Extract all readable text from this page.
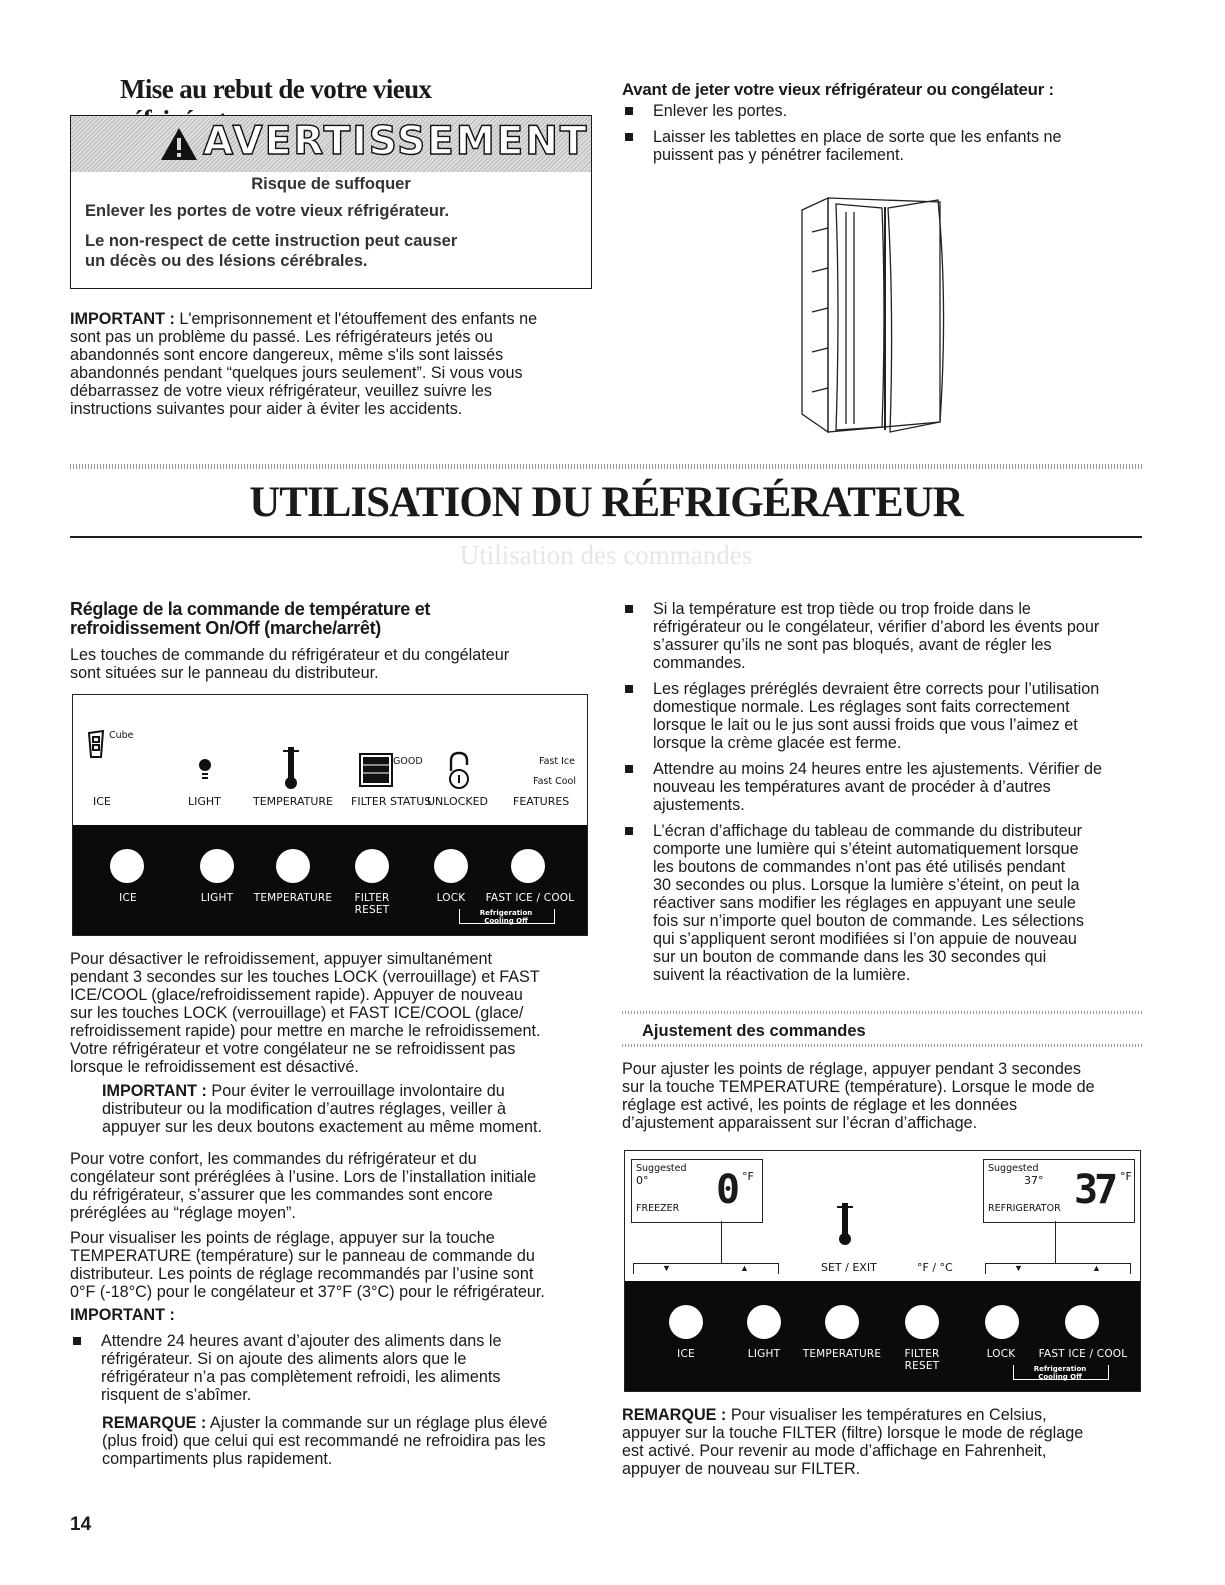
Mise au rebut de votre vieux
AVERTISSEMENT
Risque de suffoquer
Enlever les portes de votre vieux réfrigérateur.
Le non-respect de cette instruction peut causer
un décès ou des lésions cérébrales.

IMPORTANT : L'emprisonnement et l'étouffement des enfants ne

sont pas un problème du passé. Les réfrigérateurs jetés ou

abandonnés sont encore dangereux, même s'ils sont laissés

abandonnés pendant “quelques jours seulement”. Si vous vous

débarrassez de votre vieux réfrigérateur, veuillez suivre les

instructions suivantes pour aider à éviter les accidents.

Avant de jeter votre vieux réfrigérateur ou congélateur :

Enlever les portes.

Laisser les tablettes en place de sorte que les enfants ne
puissent pas y pénétrer facilement.

UTILISATION DU RÉFRIGÉRATEUR
Utilisation des commandes
Réglage de la commande de température et
refroidissement On/Off (marche/arrêt)

Les touches de commande du réfrigérateur et du congélateur

sont situées sur le panneau du distributeur.

Cube
ICE	LIGHT	TEMPERATURE
GOOD
FILTER STATUS
UNLOCKED
Fast Ice
Fast Cool
FEATURES
ICE	LIGHT	TEMPERATURE	FILTER
RESET
LOCK	FAST ICE / COOL
Refrigeration
Cooling Off

Pour désactiver le refroidissement, appuyer simultanément

pendant 3 secondes sur les touches LOCK (verrouillage) et FAST

ICE/COOL (glace/refroidissement rapide). Appuyer de nouveau

sur les touches LOCK (verrouillage) et FAST ICE/COOL (glace/

refroidissement rapide) pour mettre en marche le refroidissement.

Votre réfrigérateur et votre congélateur ne se refroidissent pas

lorsque le refroidissement est désactivé.

IMPORTANT : Pour éviter le verrouillage involontaire du

distributeur ou la modification d’autres réglages, veiller à

appuyer sur les deux boutons exactement au même moment.

Pour votre confort, les commandes du réfrigérateur et du

congélateur sont préréglées à l’usine. Lors de l’installation initiale

du réfrigérateur, s’assurer que les commandes sont encore

préréglées au “réglage moyen”.

Pour visualiser les points de réglage, appuyer sur la touche

TEMPERATURE (température) sur le panneau de commande du

distributeur. Les points de réglage recommandés par l’usine sont

0°F (-18°C) pour le congélateur et 37°F (3°C) pour le réfrigérateur.

IMPORTANT :

Attendre 24 heures avant d’ajouter des aliments dans le
réfrigérateur. Si on ajoute des aliments alors que le
réfrigérateur n’a pas complètement refroidi, les aliments
risquent de s’abîmer.

REMARQUE : Ajuster la commande sur un réglage plus élevé

(plus froid) que celui qui est recommandé ne refroidira pas les

compartiments plus rapidement.

14

Si la température est trop tiède ou trop froide dans le
réfrigérateur ou le congélateur, vérifier d’abord les évents pour
s’assurer qu’ils ne sont pas bloqués, avant de régler les
commandes.

Les réglages préréglés devraient être corrects pour l’utilisation
domestique normale. Les réglages sont faits correctement
lorsque le lait ou le jus sont aussi froids que vous l’aimez et
lorsque la crème glacée est ferme.

Attendre au moins 24 heures entre les ajustements. Vérifier de
nouveau les températures avant de procéder à d’autres
ajustements.

L’écran d’affichage du tableau de commande du distributeur
comporte une lumière qui s’éteint automatiquement lorsque
les boutons de commandes n’ont pas été utilisés pendant
30 secondes ou plus. Lorsque la lumière s’éteint, on peut la
réactiver sans modifier les réglages en appuyant une seule
fois sur n’importe quel bouton de commande. Les sélections
qui s’appliquent seront modifiées si l’on appuie de nouveau
sur un bouton de commande dans les 30 secondes qui
suivent la réactivation de la lumière.

Ajustement des commandes

Pour ajuster les points de réglage, appuyer pendant 3 secondes

sur la touche TEMPERATURE (température). Lorsque le mode de

réglage est activé, les points de réglage et les données

d’ajustement apparaissent sur l’écran d’affichage.

Suggested
0°
FREEZER 0 °F
Suggested
37°
REFRIGERATOR 37 °F
▼	▲	▼	▲
SET / EXIT	°F / °C
ICE	LIGHT	TEMPERATURE	FILTER
RESET
LOCK	FAST ICE / COOL
Refrigeration
Cooling Off

REMARQUE : Pour visualiser les températures en Celsius,

appuyer sur la touche FILTER (filtre) lorsque le mode de réglage

est activé. Pour revenir au mode d’affichage en Fahrenheit,

appuyer de nouveau sur FILTER.
